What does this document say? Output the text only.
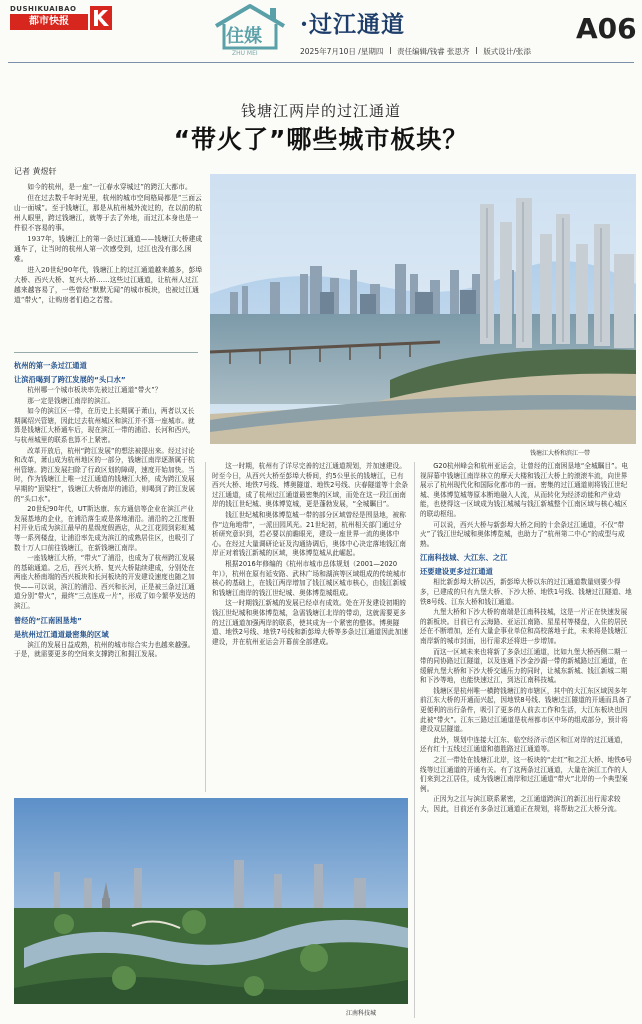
DUSHIKUAIBAO
都市快报
住媒
ZHU MEI
·过江通道	A06
2025年7月10日 /星期四 责任编辑/钱睿 张思齐 版式设计/张添
钱塘江两岸的过江通道
“带火了”哪些城市板块？
记者 黄煜轩

如今的杭州，是一座“一江春水穿城过”的跨江大都市。

但在过去数千年时光里，杭州的城市空间格局都是“三面云山一面城”。至于钱塘江，那是从杭州城外流过的，在以前的杭州人眼里，跨过钱塘江，就等于去了外地，而过江本身也是一件很不容易的事。

1937年，钱塘江上的第一条过江通道——钱塘江大桥建成通车了，让当时的杭州人第一次感受到，过江也没有那么困难。

进入20世纪90年代，钱塘江上的过江通道越来越多，彭埠大桥、西兴大桥、复兴大桥……这些过江通道，让杭州人过江越来越容易了，一些曾经“默默无闻”的城市板块，也被过江通道“带火”，让购房者们趋之若鹜。

钱塘江大桥和滨江一带

杭州的第一条过江通道

让滨沿喝到了跨江发展的“头口水”

杭州哪一个城市板块率先被过江通道“带火”？

那一定是钱塘江南岸的滨江。

如今的滨江区一带，在历史上长期属于萧山，两者以又长期属绍兴管辖，因此过去杭州城区和滨江并不算一座城市。就算是钱塘江大桥通车后，现在滨江一带的浦沿、长河和西兴，与杭州城里的联系也算不上紧密。

改革开放后，杭州“跨江发展”的想法被提出来。经过讨论和改革，萧山成为杭州地区的一部分，钱塘江南岸逐渐属于杭州管辖。跨江发展扫除了行政区划的障碍，速度开始加快。当时，作为钱塘江上唯一过江通道的钱塘江大桥，成为跨江发展早期的“顶梁柱”，钱塘江大桥南岸的浦沿，则喝到了跨江发展的“头口水”。

20世纪90年代，UT斯达康、东方通信等企业在滨江产业发展基地的企业，在浦沿落生或是落地浦沿。浦沿的之江度假村开业后成为滨江最早的星级度假酒店，从之江花园到彩虹城等一系列楼盘，让浦沿率先成为滨江的成熟居住区，也吸引了数十万人口前往钱塘江，在新钱塘江南岸。

一座钱塘江大桥，“带火”了浦沿，也成为了杭州跨江发展的基础通道。之后，西兴大桥、复兴大桥陆续建成，分别处在两座大桥南端的西兴板块和长河板块的开发建设速度也随之加快——可以说，滨江的浦沿、西兴和长河，正是被三条过江通道分别“带火”，最终“三点连成一片”，形成了如今繁华发达的滨江。

曾经的“江南困垦地”

是杭州过江通道最密集的区域

滨江的发展日益成熟，杭州的城市综合实力也越来越强。于是，就需要更多的空间来支撑跨江和拥江发展。

这一时期，杭州有了详尽完善的过江通道规划，并加速建设。时至今日，从西兴大桥至彭埠大桥间，约5公里长的钱塘江，已有西兴大桥、地铁7号线、博奥隧道、地铁2号线、庆春隧道等十余条过江通道，成了杭州过江通道最密集的区域，而处在这一段江面南岸的钱江世纪城、奥体博览城，更是蓬勃发展，“全城瞩目”。

钱江世纪城和奥体博览城一带的部分区域曾经是围垦地，被称作“边角地带”，一派田园风光。21世纪初，杭州相关部门通过分析研究意识到，若必要以前瞻眼光，建设一座世界一流的奥体中心。在经过大量调研论证及沟通协调后，奥体中心决定落地钱江南岸正对着钱江新城的区域，奥体博览城从此崛起。

根据2016年修编的《杭州市城市总体规划（2001—2020年）》，杭州在原有延安路、武林广场和湖滨等区域组成的传统城市核心的基础上，在钱江两岸增加了钱江城区城市核心，由钱江新城和钱塘江南岸的钱江世纪城、奥体博览城组成。

这一时期钱江新城的发展已经卓有成效。处在开发建设初期的钱江世纪城和奥体博览城，急需钱塘江北岸的带动，这就需要更多的过江通道加强两岸的联系，使其成为一个紧密的整体。博奥隧道、地铁2号线、地铁7号线和新彭埠大桥等多条过江通道因此加速建设，并在杭州亚运会开幕前全部建成。

G20杭州峰会和杭州亚运会，让曾经的江南困垦地“全城瞩目”。电视屏幕中钱塘江南岸林立的摩天大楼和钱江大桥上的滚滚车流，向世界展示了杭州现代化和国际化都市的一面。密集的过江通道则将钱江世纪城、奥体博览城等原本断地融入人流，从而转化为经济动能和产业动能，也使得这一区域成为钱江城城与钱江新城整个江南区域与核心城区的联动枢纽。

可以说，西兴大桥与新彭埠大桥之间的十余条过江通道，不仅“带火”了钱江世纪城和奥体博览城，也助力了“杭州第二中心”的成型与成熟。

江南科技城、大江东、之江

还要建设更多过江通道

相比新彭埠大桥以西，新彭埠大桥以东的过江通道数量则要少得多，已建成的只有九堡大桥、下沙大桥、地铁1号线、钱塘过江隧道、地铁8号线、江东大桥和钱江通道。

九堡大桥和下沙大桥的南端是江南科技城，这是一片正在快速发展的新板块。目前已有云海路、亚运江南路、星星村等楼盘，入住的居民还在不断增加，还有大量企事业单位和高校落地于此，未来将是钱塘江南岸新的城市封面，出行需求还将进一步增加。

而这一区域未来也将新了多条过江通道，比如九堡大桥西侧二期一带的同协路过江隧道，以及连通下沙金沙湖一带的新城路过江通道，在缓解九堡大桥和下沙大桥交通压力的同时，让城东新城、钱江新城二期和下沙等地，也能快速过江，到达江南科技城。

钱塘区是杭州唯一横跨钱塘江的市辖区，其中的大江东区域因多年前江东大桥的开通而兴起，因地铁8号线、钱塘过江隧道的开通而具备了更便利的出行条件，吸引了更多的人前去工作和生活，大江东板块也因此被“带火”。江东三路过江通道是杭州都市区中环的组成部分，预计将建设双层隧道。

此外，规划中连接大江东、临空经济示范区和江对岸的过江通道，还有红十五线过江通道和德胜路过江通道等。

之江一带处在钱塘江北岸，这一板块的“走红”和之江大桥、地铁6号线等过江通道的开通有关。有了这两条过江通道，大量在滨江工作的人们来到之江居住，成为钱塘江南岸和过江通道“带火”北岸的一个典型案例。

正因为之江与滨江联系紧密，之江通道跨滨江的新江出行需求较大，因此，目前还有多条过江通道正在规划，将帮助之江大桥分流。

江南科技城
